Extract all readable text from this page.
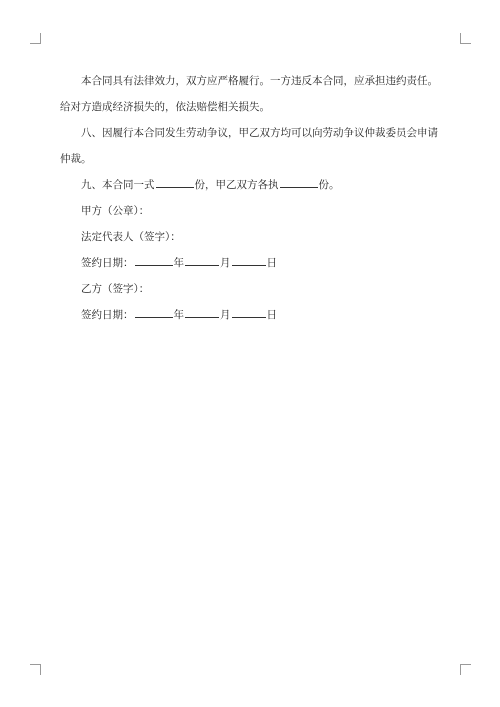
本合同具有法律效力，双方应严格履行。一方违反本合同，应承担违约责任。给对方造成经济损失的，依法赔偿相关损失。

八、因履行本合同发生劳动争议，甲乙双方均可以向劳动争议仲裁委员会申请仲裁。

九、本合同一式	份，甲乙双方各执	份。

甲方（公章）：

法定代表人（签字）：

签约日期：	年	月	日

乙方（签字）：

签约日期：	年	月	日
